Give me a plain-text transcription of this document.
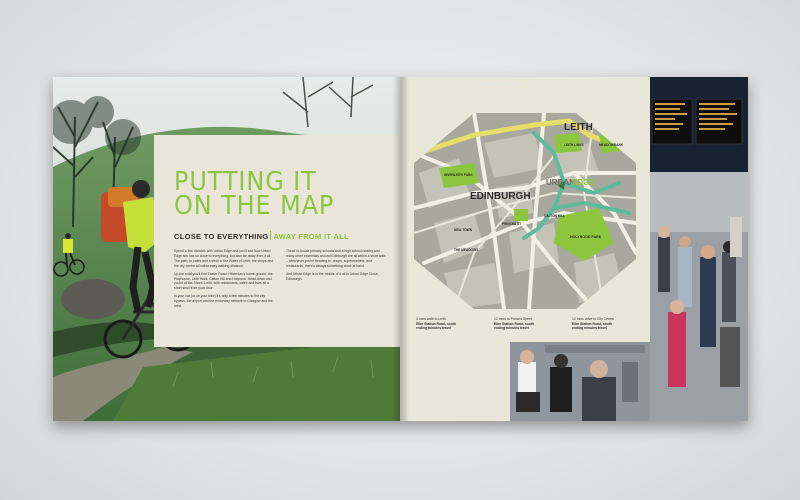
PUTTING IT
ON THE MAP
CLOSE TO EVERYTHING AWAY FROM IT ALL

Spend a few minutes with Urban Edge and you'll see how Urban Edge sits has so close to everything, but also far away from it all. The path, to cafés and a stroll to the Water of Leith, the shops and the city centre all within easy walking distance.

Up the road you'll find Easter Road, Hibernian's home ground, the Playhouse, Leith Walk, Calton Hill and Holyrood. Head down and you're at the Shore, Leith, with restaurants, cafés and bars all a short stroll from your door.

In your car (or on your bike) it's only a few minutes to the city bypass, the airport and the motorway network to Glasgow and the west.

These in-house primary schools and a high school nearby and many other essentials around Edinburgh are all within a short walk – whichever you're heading to, shops, supermarkets, and restaurants, there's always something close at hand.

And Urban Edge is in the middle of it all in Urban Edge Close, Edinburgh.

LEITH
EDINBURGH
URBAN
EDGE
HOLYROOD PARK
CALTON HILL
LEITH LINKS	MEADOWBANK
INVERLEITH PARK
THE MEADOWS
PRINCES ST
NEW TOWN
4 mins walk to Leith
Elbe Station Road, south
ending minutes travel
12 mins to Princes Street
Elbe Station Road, south
ending minutes travel
12 mins drive to City Centre
Elbe Station Road, south
ending minutes travel
Through Ticket Gates
